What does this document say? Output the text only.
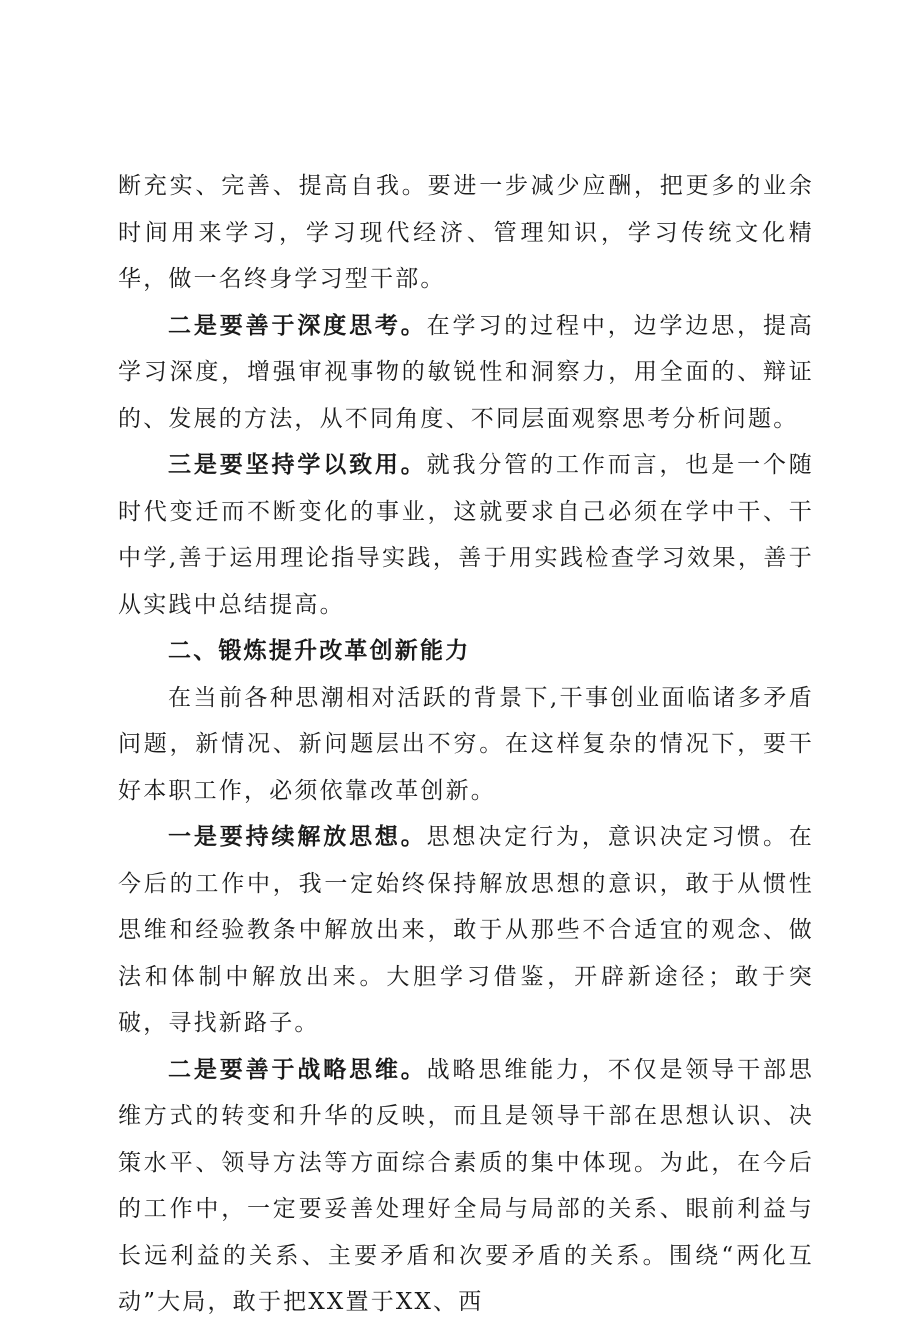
断充实、完善、提高自我。要进一步减少应酬，把更多的业余时间用来学习，学习现代经济、管理知识，学习传统文化精华，做一名终身学习型干部。

二是要善于深度思考。在学习的过程中，边学边思，提高学习深度，增强审视事物的敏锐性和洞察力，用全面的、辩证的、发展的方法，从不同角度、不同层面观察思考分析问题。

三是要坚持学以致用。就我分管的工作而言，也是一个随时代变迁而不断变化的事业，这就要求自己必须在学中干、干中学,善于运用理论指导实践，善于用实践检查学习效果，善于从实践中总结提高。

二、锻炼提升改革创新能力

在当前各种思潮相对活跃的背景下,干事创业面临诸多矛盾问题，新情况、新问题层出不穷。在这样复杂的情况下，要干好本职工作，必须依靠改革创新。

一是要持续解放思想。思想决定行为，意识决定习惯。在今后的工作中，我一定始终保持解放思想的意识，敢于从惯性思维和经验教条中解放出来，敢于从那些不合适宜的观念、做法和体制中解放出来。大胆学习借鉴，开辟新途径；敢于突破，寻找新路子。

二是要善于战略思维。战略思维能力，不仅是领导干部思维方式的转变和升华的反映，而且是领导干部在思想认识、决策水平、领导方法等方面综合素质的集中体现。为此，在今后的工作中，一定要妥善处理好全局与局部的关系、眼前利益与长远利益的关系、主要矛盾和次要矛盾的关系。围绕“两化互动”大局，敢于把XX置于XX、西
